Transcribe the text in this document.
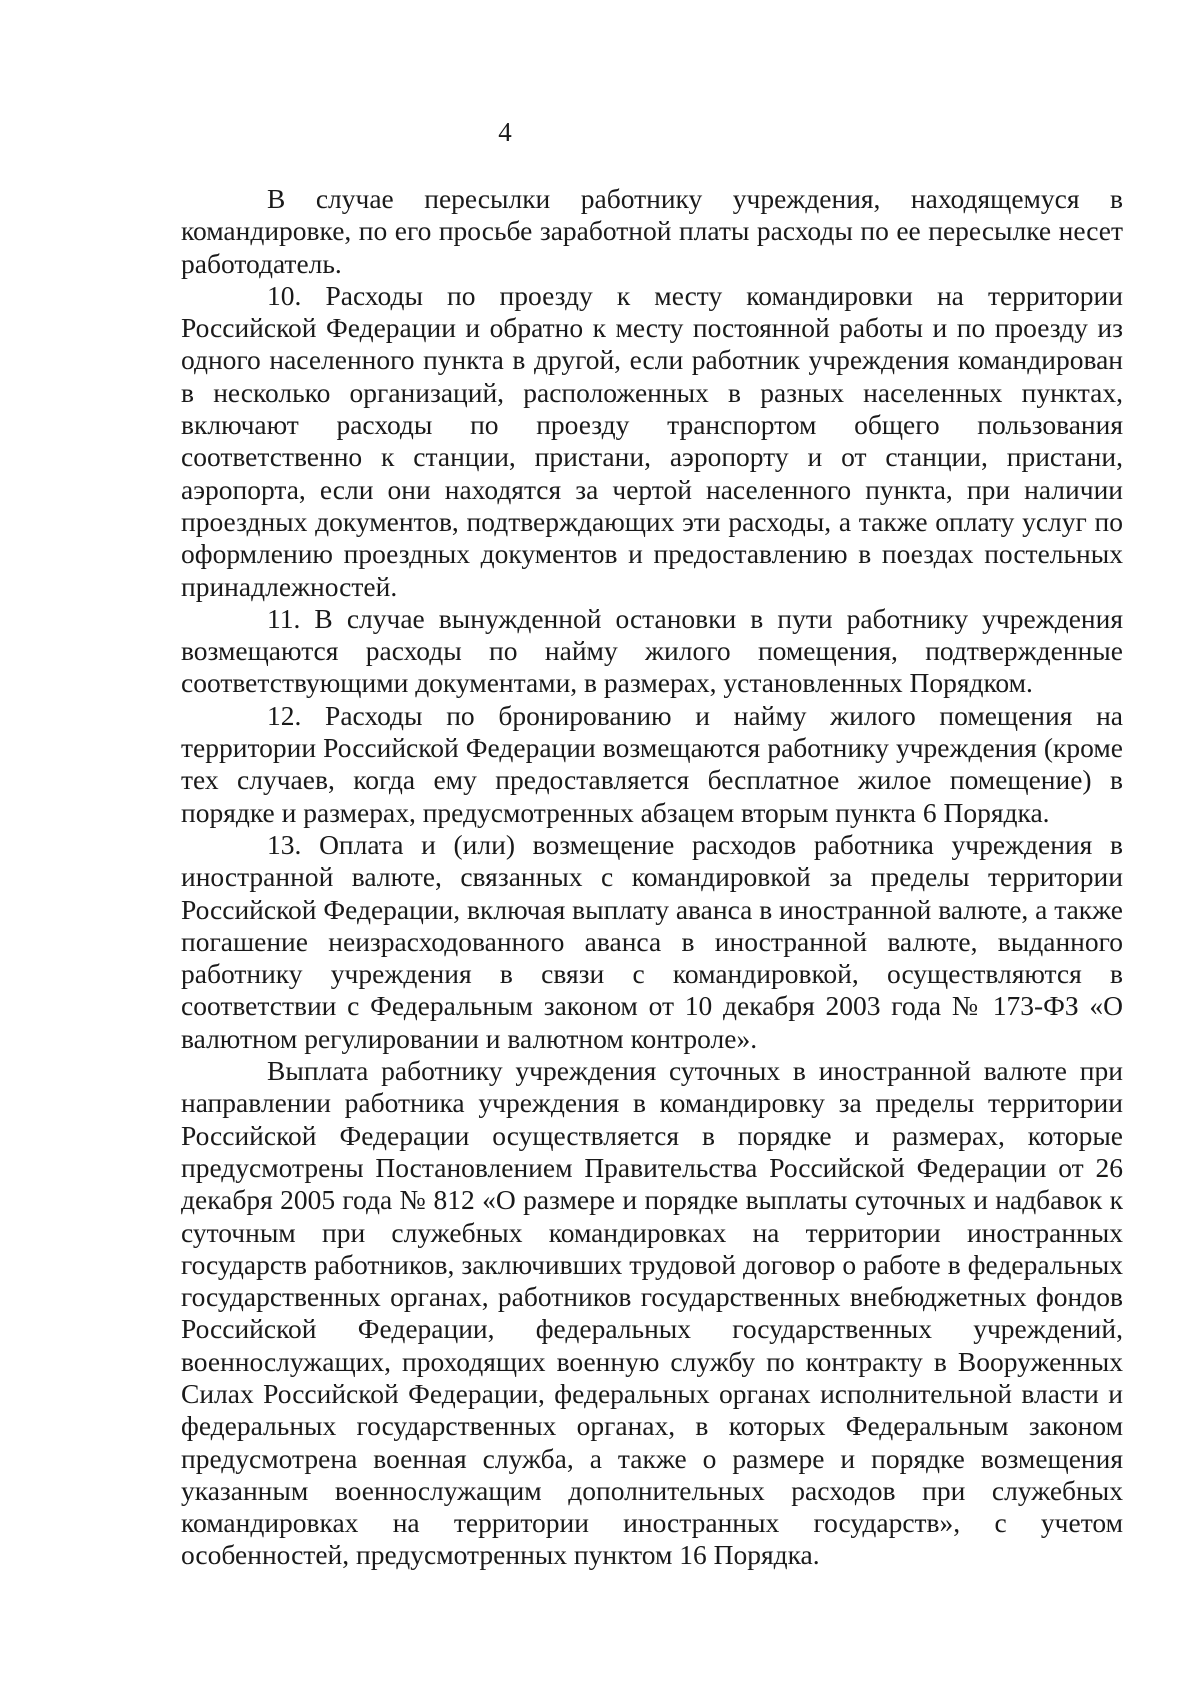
4

В случае пересылки работнику учреждения, находящемуся в командировке, по его просьбе заработной платы расходы по ее пересылке несет работодатель.

10. Расходы по проезду к месту командировки на территории Российской Федерации и обратно к месту постоянной работы и по проезду из одного населенного пункта в другой, если работник учреждения командирован в несколько организаций, расположенных в разных населенных пунктах, включают расходы по проезду транспортом общего пользования соответственно к станции, пристани, аэропорту и от станции, пристани, аэропорта, если они находятся за чертой населенного пункта, при наличии проездных документов, подтверждающих эти расходы, а также оплату услуг по оформлению проездных документов и предоставлению в поездах постельных принадлежностей.

11. В случае вынужденной остановки в пути работнику учреждения возмещаются расходы по найму жилого помещения, подтвержденные соответствующими документами, в размерах, установленных Порядком.

12. Расходы по бронированию и найму жилого помещения на территории Российской Федерации возмещаются работнику учреждения (кроме тех случаев, когда ему предоставляется бесплатное жилое помещение) в порядке и размерах, предусмотренных абзацем вторым пункта 6 Порядка.

13. Оплата и (или) возмещение расходов работника учреждения в иностранной валюте, связанных с командировкой за пределы территории Российской Федерации, включая выплату аванса в иностранной валюте, а также погашение неизрасходованного аванса в иностранной валюте, выданного работнику учреждения в связи с командировкой, осуществляются в соответствии с Федеральным законом от 10 декабря 2003 года № 173-ФЗ «О валютном регулировании и валютном контроле».

Выплата работнику учреждения суточных в иностранной валюте при направлении работника учреждения в командировку за пределы территории Российской Федерации осуществляется в порядке и размерах, которые предусмотрены Постановлением Правительства Российской Федерации от 26 декабря 2005 года № 812 «О размере и порядке выплаты суточных и надбавок к суточным при служебных командировках на территории иностранных государств работников, заключивших трудовой договор о работе в федеральных государственных органах, работников государственных внебюджетных фондов Российской Федерации, федеральных государственных учреждений, военнослужащих, проходящих военную службу по контракту в Вооруженных Силах Российской Федерации, федеральных органах исполнительной власти и федеральных государственных органах, в которых Федеральным законом предусмотрена военная служба, а также о размере и порядке возмещения указанным военнослужащим дополнительных расходов при служебных командировках на территории иностранных государств», с учетом особенностей, предусмотренных пунктом 16 Порядка.
